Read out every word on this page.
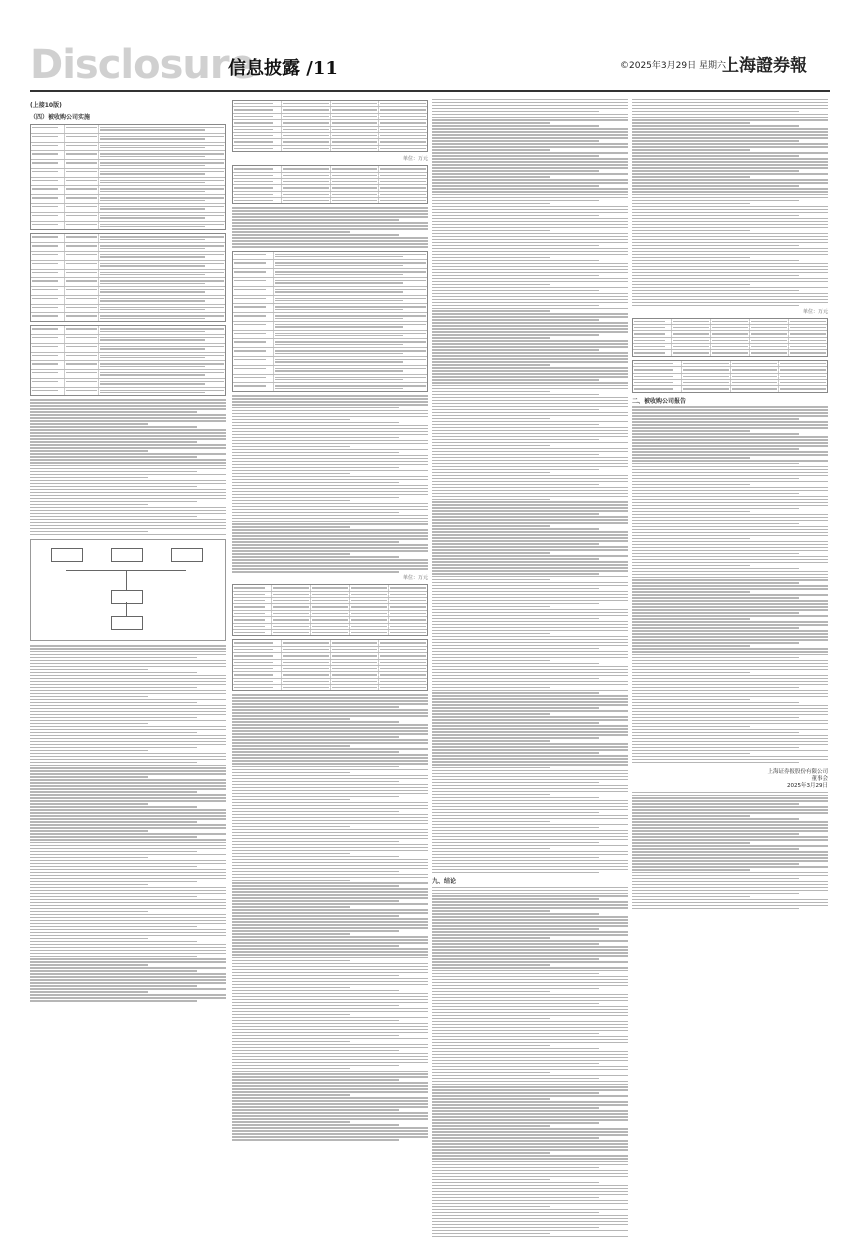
Disclosure
信息披露 /11	©2025年3月29日 星期六
上海證券報
(上接10版)
（四）被收购公司实施
单位：万元
单位：万元
九、结论
单位：万元
二、被收购公司报告
上海证券报股份有限公司
董事会
2025年3月29日
